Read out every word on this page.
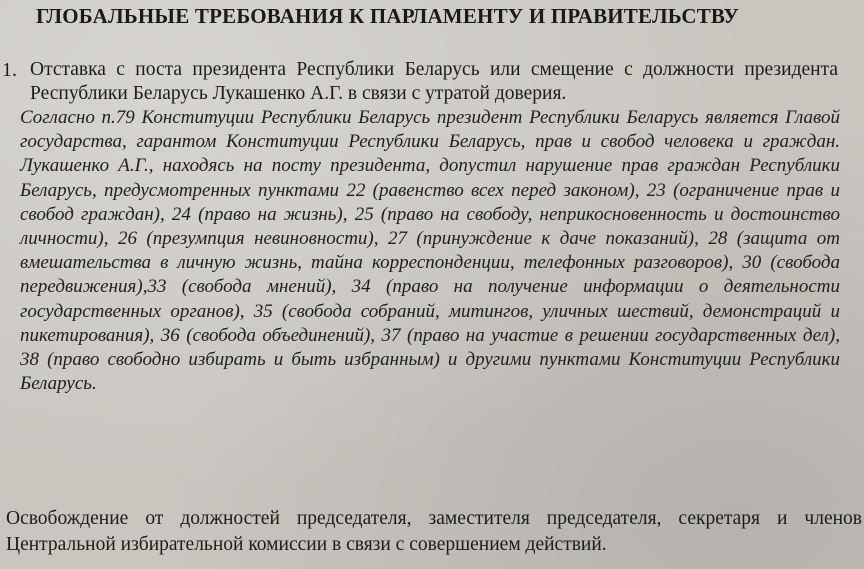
ГЛОБАЛЬНЫЕ ТРЕБОВАНИЯ К ПАРЛАМЕНТУ И ПРАВИТЕЛЬСТВУ
1. Отставка с поста президента Республики Беларусь или смещение с должности президента Республики Беларусь Лукашенко А.Г. в связи с утратой доверия.
Согласно п.79 Конституции Республики Беларусь президент Республики Беларусь является Главой государства, гарантом Конституции Республики Беларусь, прав и свобод человека и граждан. Лукашенко А.Г., находясь на посту президента, допустил нарушение прав граждан Республики Беларусь, предусмотренных пунктами 22 (равенство всех перед законом), 23 (ограничение прав и свобод граждан), 24 (право на жизнь), 25 (право на свободу, неприкосновенность и достоинство личности), 26 (презумпция невиновности), 27 (принуждение к даче показаний), 28 (защита от вмешательства в личную жизнь, тайна корреспонденции, телефонных разговоров), 30 (свобода передвижения),33 (свобода мнений), 34 (право на получение информации о деятельности государственных органов), 35 (свобода собраний, митингов, уличных шествий, демонстраций и пикетирования), 36 (свобода объединений), 37 (право на участие в решении государственных дел), 38 (право свободно избирать и быть избранным) и другими пунктами Конституции Республики Беларусь.
Освобождение от должностей председателя, заместителя председателя, секретаря и членов Центральной избирательной комиссии в связи с совершением действий.
